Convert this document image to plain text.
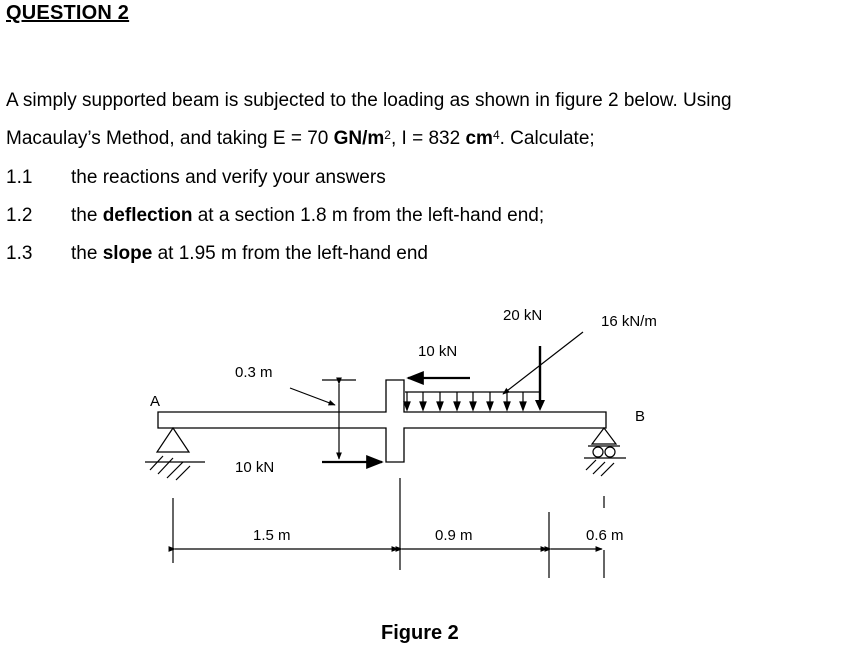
QUESTION 2
A simply supported beam is subjected to the loading as shown in figure 2 below. Using
Macaulay’s Method, and taking E = 70 $GN/m^2$, I = 832 $cm^4$. Calculate;
1.1 the reactions and verify your answers
1.2 the deflection at a section 1.8 m from the left-hand end;
1.3 the slope at 1.95 m from the left-hand end
A
B
20 kN	16 kN/m
10 kN
10 kN
0.3 m
1.5 m	0.9 m	0.6 m
Figure 2
